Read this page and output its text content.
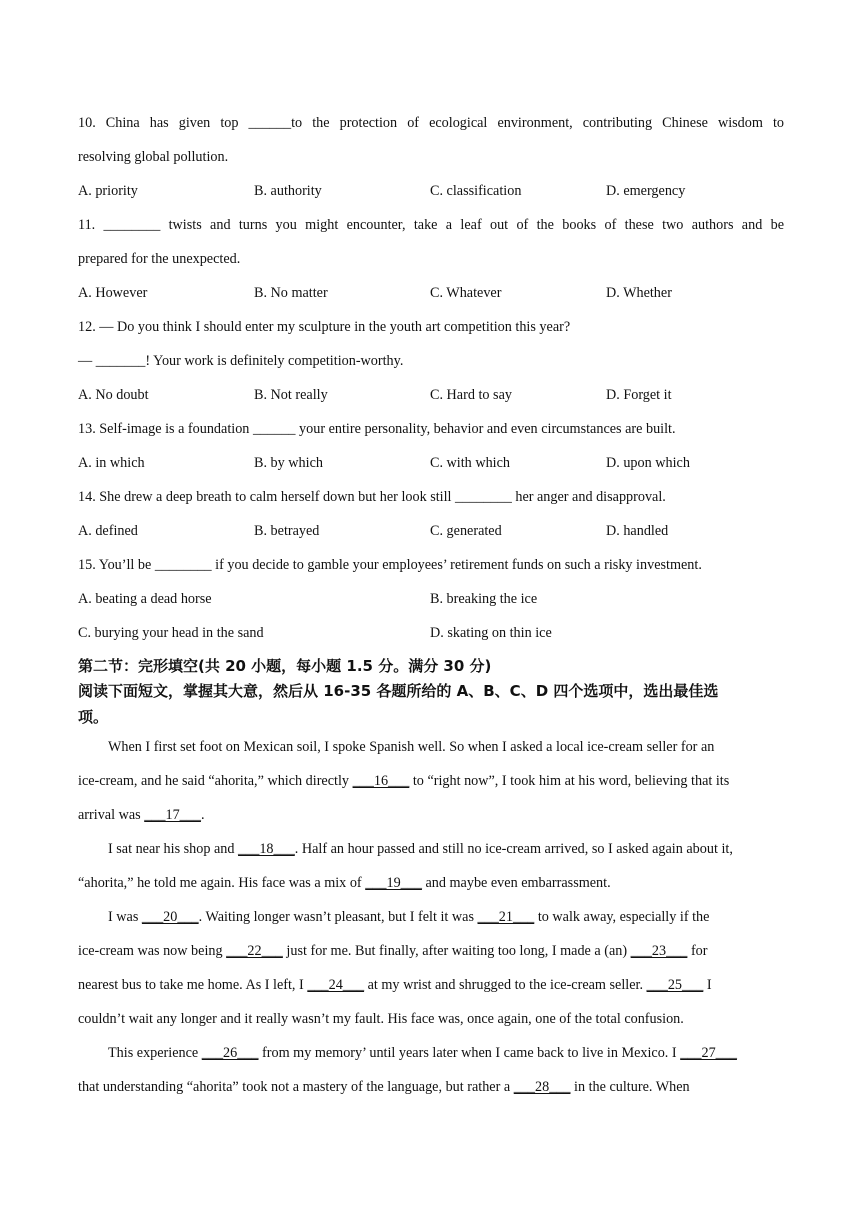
10. China has given top ______to the protection of ecological environment, contributing Chinese wisdom to
resolving global pollution.
A. priority	B. authority	C. classification	D. emergency
11. ________ twists and turns you might encounter, take a leaf out of the books of these two authors and be
prepared for the unexpected.
A. However	B. No matter	C. Whatever	D. Whether
12. — Do you think I should enter my sculpture in the youth art competition this year?
— _______! Your work is definitely competition-worthy.
A. No doubt	B. Not really	C. Hard to say	D. Forget it
13. Self-image is a foundation ______ your entire personality, behavior and even circumstances are built.
A. in which	B. by which	C. with which	D. upon which
14. She drew a deep breath to calm herself down but her look still ________ her anger and disapproval.
A. defined	B. betrayed	C. generated	D. handled
15. You’ll be ________ if you decide to gamble your employees’ retirement funds on such a risky investment.
A. beating a dead horse	B. breaking the ice
C. burying your head in the sand	D. skating on thin ice
第二节：完形填空(共 20 小题，每小题 1.5 分。满分 30 分)
阅读下面短文，掌握其大意，然后从 16-35 各题所给的 A、B、C、D 四个选项中，选出最佳选
项。
When I first set foot on Mexican soil, I spoke Spanish well. So when I asked a local ice-cream seller for an
ice-cream, and he said “ahorita,” which directly ___16___ to “right now”, I took him at his word, believing that its
arrival was ___17___.
I sat near his shop and ___18___. Half an hour passed and still no ice-cream arrived, so I asked again about it,
“ahorita,” he told me again. His face was a mix of ___19___ and maybe even embarrassment.
I was ___20___. Waiting longer wasn’t pleasant, but I felt it was ___21___ to walk away, especially if the
ice-cream was now being ___22___ just for me. But finally, after waiting too long, I made a (an) ___23___ for
nearest bus to take me home. As I left, I ___24___ at my wrist and shrugged to the ice-cream seller. ___25___ I
couldn’t wait any longer and it really wasn’t my fault. His face was, once again, one of the total confusion.
This experience ___26___ from my memory’ until years later when I came back to live in Mexico. I ___27___
that understanding “ahorita” took not a mastery of the language, but rather a ___28___ in the culture. When
